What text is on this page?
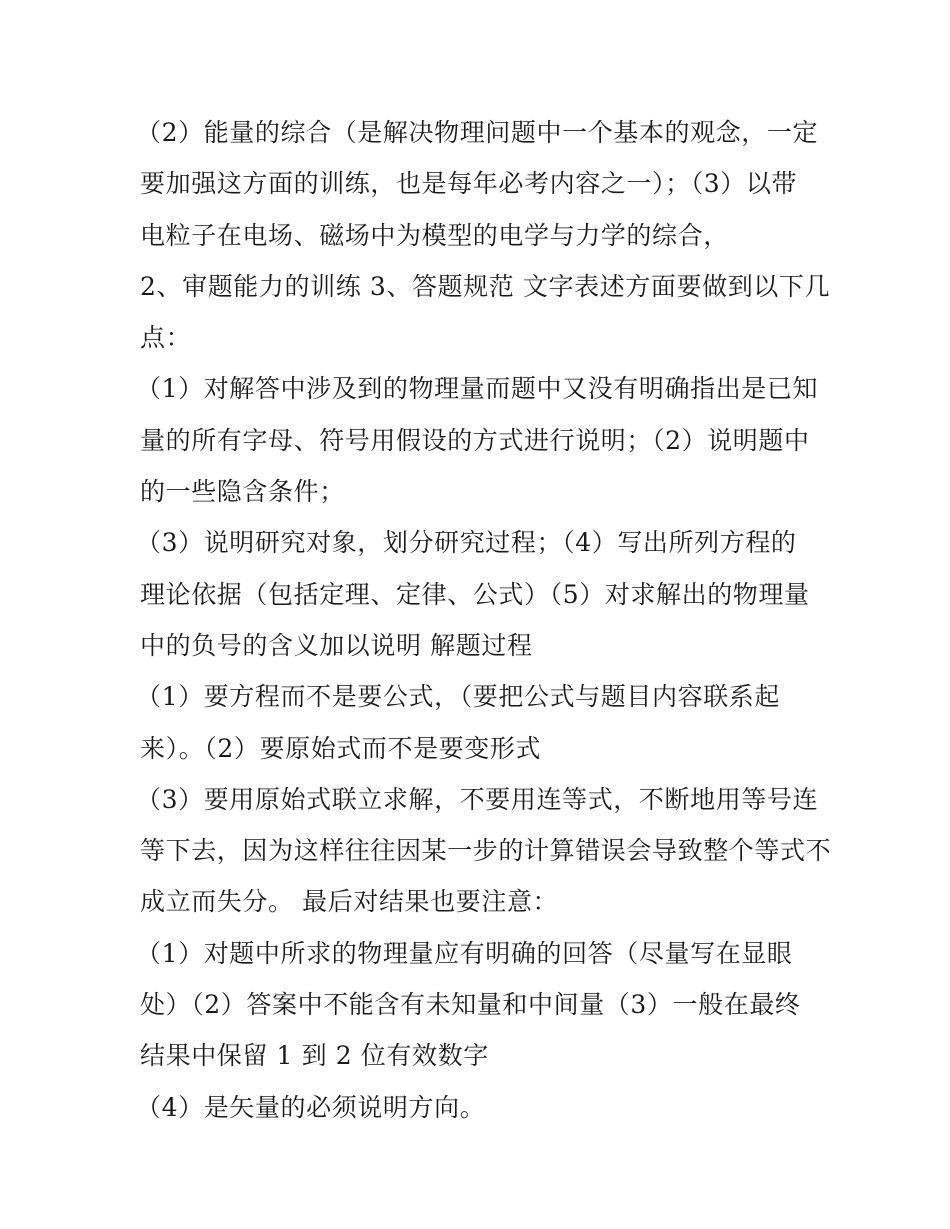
（2）能量的综合（是解决物理问题中一个基本的观念，一定
要加强这方面的训练，也是每年必考内容之一）；（3）以带
电粒子在电场、磁场中为模型的电学与力学的综合，
2、审题能力的训练 3、答题规范 文字表述方面要做到以下几
点：
（1）对解答中涉及到的物理量而题中又没有明确指出是已知
量的所有字母、符号用假设的方式进行说明；（2）说明题中
的一些隐含条件；
（3）说明研究对象，划分研究过程；（4）写出所列方程的
理论依据（包括定理、定律、公式）（5）对求解出的物理量
中的负号的含义加以说明 解题过程
（1）要方程而不是要公式，（要把公式与题目内容联系起
来）。（2）要原始式而不是要变形式
（3）要用原始式联立求解，不要用连等式，不断地用等号连
等下去，因为这样往往因某一步的计算错误会导致整个等式不
成立而失分。 最后对结果也要注意：
（1）对题中所求的物理量应有明确的回答（尽量写在显眼
处）（2）答案中不能含有未知量和中间量（3）一般在最终
结果中保留 1 到 2 位有效数字
（4）是矢量的必须说明方向。
